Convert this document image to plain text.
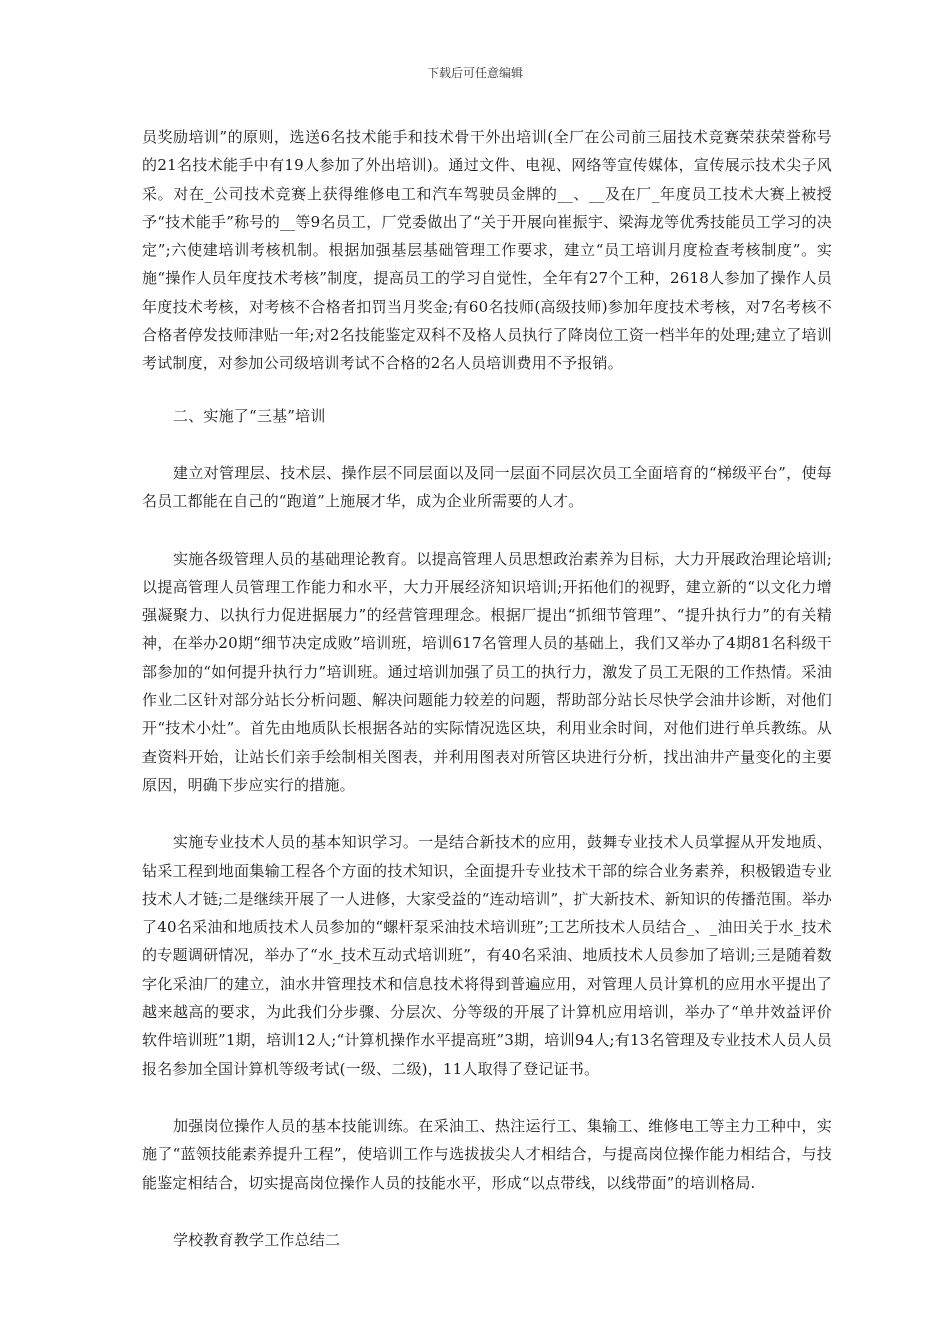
下载后可任意编辑

员奖励培训”的原则，选送6名技术能手和技术骨干外出培训(全厂在公司前三届技术竞赛荣获荣誉称号的21名技术能手中有19人参加了外出培训)。通过文件、电视、网络等宣传媒体，宣传展示技术尖子风采。对在_公司技术竞赛上获得维修电工和汽车驾驶员金牌的__、__及在厂_年度员工技术大赛上被授予“技术能手”称号的__等9名员工，厂党委做出了“关于开展向崔振宇、梁海龙等优秀技能员工学习的决定”;六使建培训考核机制。根据加强基层基础管理工作要求，建立“员工培训月度检查考核制度”。实施“操作人员年度技术考核”制度，提高员工的学习自觉性，全年有27个工种，2618人参加了操作人员年度技术考核，对考核不合格者扣罚当月奖金;有60名技师(高级技师)参加年度技术考核，对7名考核不合格者停发技师津贴一年;对2名技能鉴定双科不及格人员执行了降岗位工资一档半年的处理;建立了培训考试制度，对参加公司级培训考试不合格的2名人员培训费用不予报销。

二、实施了“三基”培训

建立对管理层、技术层、操作层不同层面以及同一层面不同层次员工全面培育的“梯级平台”，使每名员工都能在自己的“跑道”上施展才华，成为企业所需要的人才。

实施各级管理人员的基础理论教育。以提高管理人员思想政治素养为目标，大力开展政治理论培训;以提高管理人员管理工作能力和水平，大力开展经济知识培训;开拓他们的视野，建立新的“以文化力增强凝聚力、以执行力促进据展力”的经营管理理念。根据厂提出“抓细节管理”、“提升执行力”的有关精神，在举办20期“细节决定成败”培训班，培训617名管理人员的基础上，我们又举办了4期81名科级干部参加的“如何提升执行力”培训班。通过培训加强了员工的执行力，激发了员工无限的工作热情。采油作业二区针对部分站长分析问题、解决问题能力较差的问题，帮助部分站长尽快学会油井诊断，对他们开“技术小灶”。首先由地质队长根据各站的实际情况选区块，利用业余时间，对他们进行单兵教练。从查资料开始，让站长们亲手绘制相关图表，并利用图表对所管区块进行分析，找出油井产量变化的主要原因，明确下步应实行的措施。

实施专业技术人员的基本知识学习。一是结合新技术的应用，鼓舞专业技术人员掌握从开发地质、钻采工程到地面集输工程各个方面的技术知识，全面提升专业技术干部的综合业务素养，积极锻造专业技术人才链;二是继续开展了一人进修，大家受益的“连动培训”，扩大新技术、新知识的传播范围。举办了40名采油和地质技术人员参加的“螺杆泵采油技术培训班”;工艺所技术人员结合_、_油田关于水_技术的专题调研情况，举办了“水_技术互动式培训班”，有40名采油、地质技术人员参加了培训;三是随着数字化采油厂的建立，油水井管理技术和信息技术将得到普遍应用，对管理人员计算机的应用水平提出了越来越高的要求，为此我们分步骤、分层次、分等级的开展了计算机应用培训，举办了“单井效益评价软件培训班”1期，培训12人;“计算机操作水平提高班”3期，培训94人;有13名管理及专业技术人员人员报名参加全国计算机等级考试(一级、二级)，11人取得了登记证书。

加强岗位操作人员的基本技能训练。在采油工、热注运行工、集输工、维修电工等主力工种中，实施了“蓝领技能素养提升工程”，使培训工作与选拔拔尖人才相结合，与提高岗位操作能力相结合，与技能鉴定相结合，切实提高岗位操作人员的技能水平，形成“以点带线，以线带面”的培训格局.

学校教育教学工作总结二
